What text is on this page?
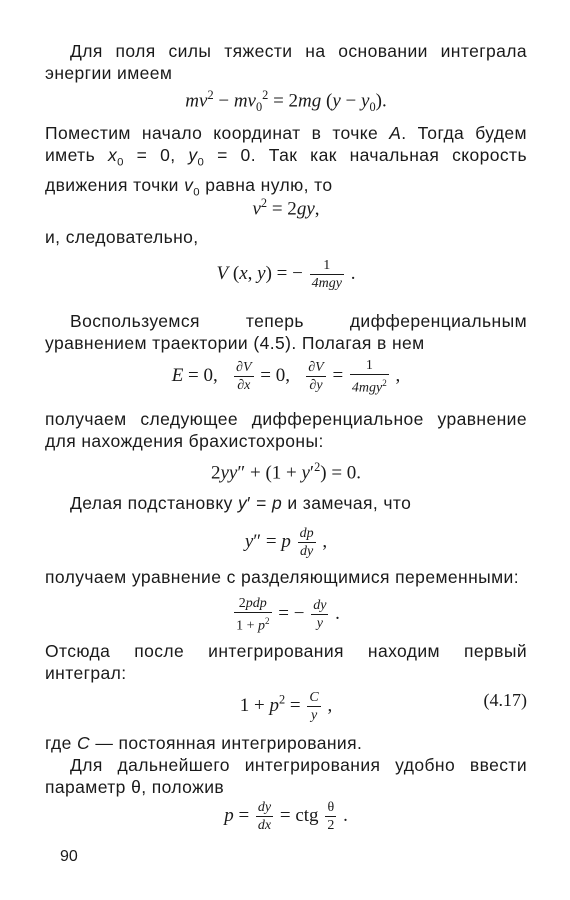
Для поля силы тяжести на основании интеграла энергии имеем

$mv^2 - mv_0^2 = 2mg$ $(y - y_0)$.

Поместим начало координат в точке A. Тогда будем иметь $x_0 = 0$, $y_0 = 0$. Так как начальная скорость движения точки $v_0$ равна нулю, то

$v^2 = 2gy$,

и, следовательно,

V (x, y) = − $\frac{1}{\text{4mgy}}$ .

Воспользуемся теперь дифференциальным уравнением траектории (4.5). Полагая в нем

E = 0, $\frac{\partial V}{\partial x} = 0$, $\frac{\partial V}{\partial y} = \frac{1}{4mgy^2}$ ,

получаем следующее дифференциальное уравнение для нахождения брахистохроны:

$2yy'' + (1 + y'^2) = 0$.

Делая подстановку y′ = p и замечая, что

y″ = p $\frac{dp}{dy}$ ,

получаем уравнение с разделяющимися переменными:

$\frac{\text{2pdp}}{1 + p^2}$ = − $\frac{dy}{y}$ .

Отсюда после интегрирования находим первый интеграл:

$1 + p^2 = \frac{C}{y}$ ,	(4.17)

где C — постоянная интегрирования.

Для дальнейшего интегрирования удобно ввести параметр θ, положив

$p = \frac{dy}{dx}$ = ctg $\frac{\theta}{2}$ .
90
